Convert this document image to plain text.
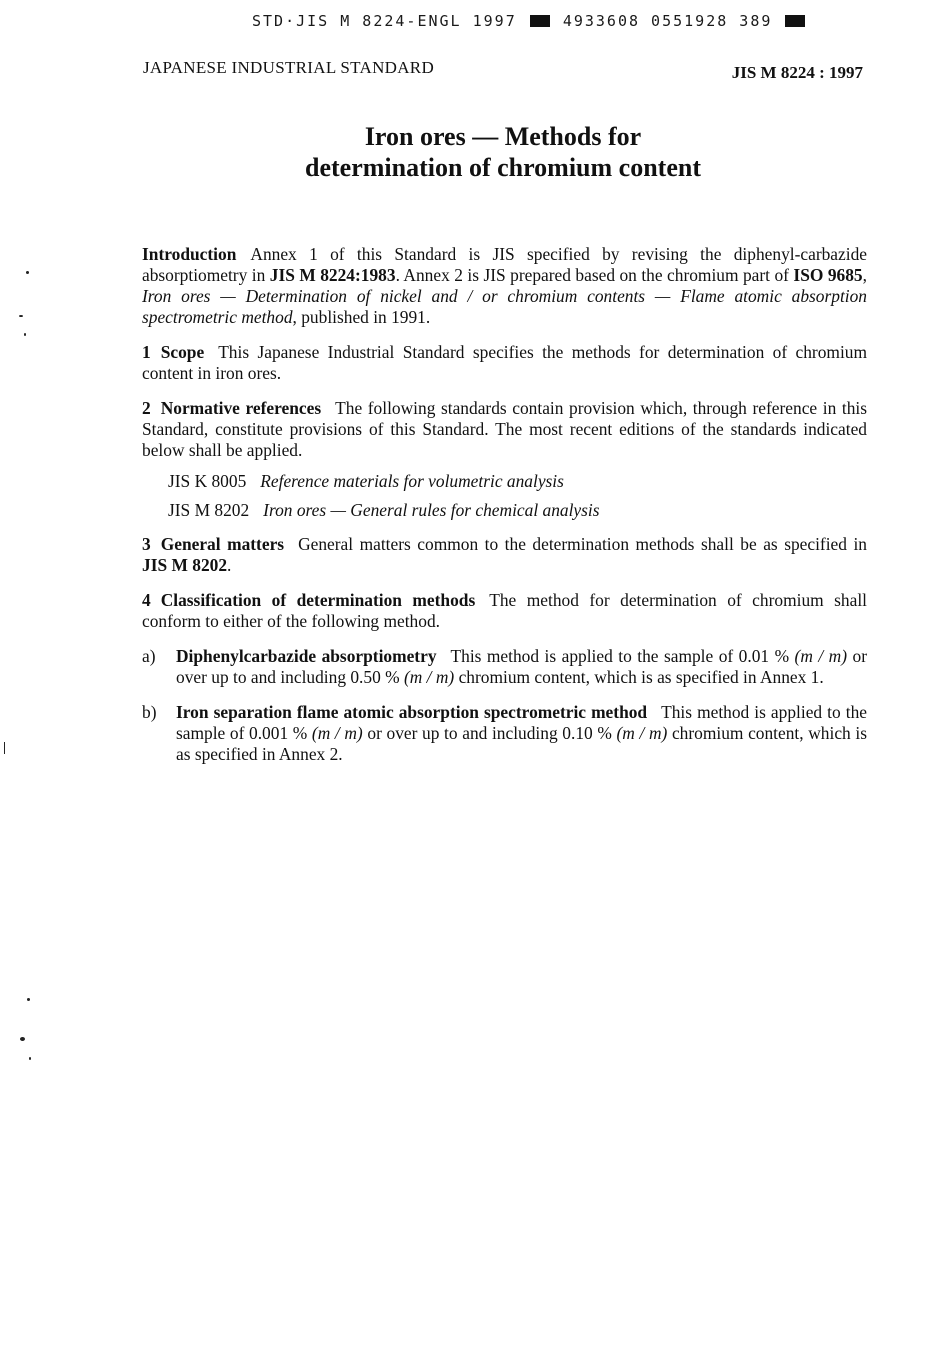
STD·JIS M 8224-ENGL 1997	4933608 0551928 389
JAPANESE INDUSTRIAL STANDARD	JIS M 8224 : 1997
Iron ores — Methods for
determination of chromium content

Introduction Annex 1 of this Standard is JIS specified by revising the diphenyl-carbazide absorptiometry in JIS M 8224:1983. Annex 2 is JIS prepared based on the chromium part of ISO 9685, Iron ores — Determination of nickel and / or chromium contents — Flame atomic absorption spectrometric method, published in 1991.

1 Scope This Japanese Industrial Standard specifies the methods for determination of chromium content in iron ores.

2 Normative references The following standards contain provision which, through reference in this Standard, constitute provisions of this Standard. The most recent editions of the standards indicated below shall be applied.

JIS K 8005 Reference materials for volumetric analysis
JIS M 8202 Iron ores — General rules for chemical analysis

3 General matters General matters common to the determination methods shall be as specified in JIS M 8202.

4 Classification of determination methods The method for determination of chromium shall conform to either of the following method.

a)	Diphenylcarbazide absorptiometry This method is applied to the sample of 0.01 % (m / m) or over up to and including 0.50 % (m / m) chromium content, which is as specified in Annex 1.

b)	Iron separation flame atomic absorption spectrometric method This method is applied to the sample of 0.001 % (m / m) or over up to and including 0.10 % (m / m) chromium content, which is as specified in Annex 2.
